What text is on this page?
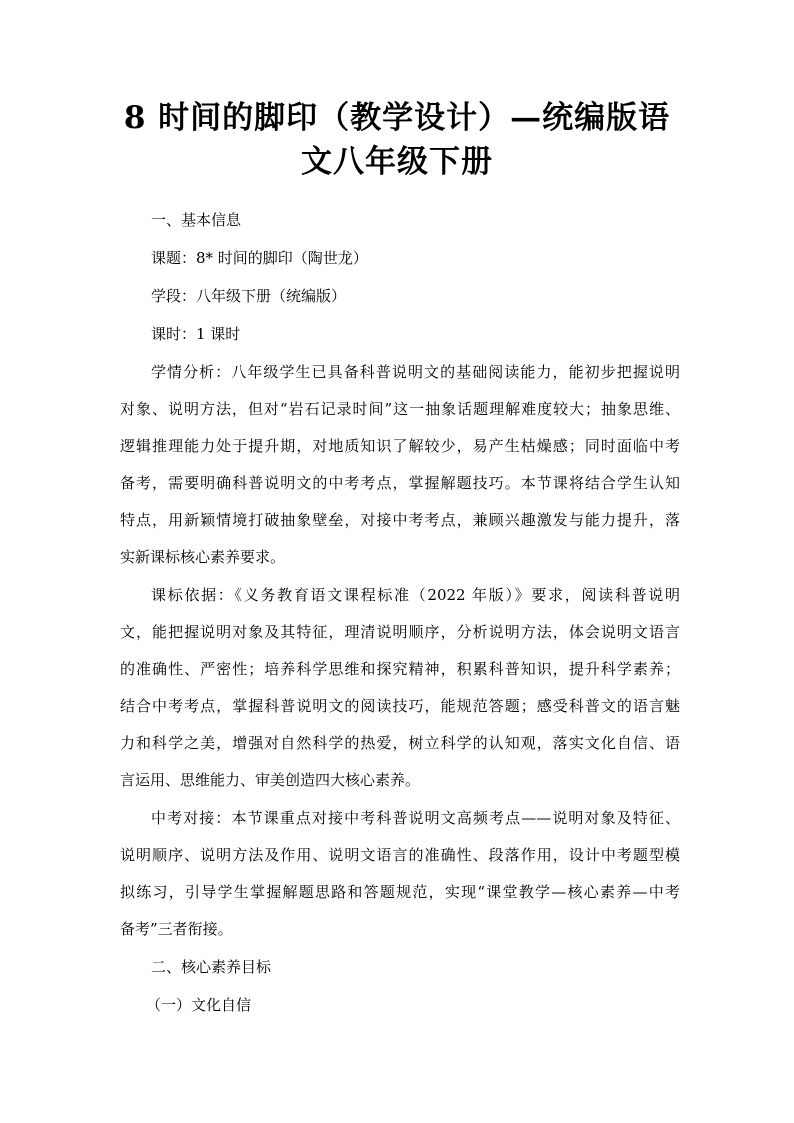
8 时间的脚印（教学设计）—统编版语
文八年级下册

一、基本信息

课题：8* 时间的脚印（陶世龙）

学段：八年级下册（统编版）

课时：1 课时

学情分析：八年级学生已具备科普说明文的基础阅读能力，能初步把握说明

对象、说明方法，但对“岩石记录时间”这一抽象话题理解难度较大；抽象思维、

逻辑推理能力处于提升期，对地质知识了解较少，易产生枯燥感；同时面临中考

备考，需要明确科普说明文的中考考点，掌握解题技巧。本节课将结合学生认知

特点，用新颖情境打破抽象壁垒，对接中考考点，兼顾兴趣激发与能力提升，落

实新课标核心素养要求。

课标依据：《义务教育语文课程标准（2022 年版）》要求，阅读科普说明

文，能把握说明对象及其特征，理清说明顺序，分析说明方法，体会说明文语言

的准确性、严密性；培养科学思维和探究精神，积累科普知识，提升科学素养；

结合中考考点，掌握科普说明文的阅读技巧，能规范答题；感受科普文的语言魅

力和科学之美，增强对自然科学的热爱，树立科学的认知观，落实文化自信、语

言运用、思维能力、审美创造四大核心素养。

中考对接：本节课重点对接中考科普说明文高频考点——说明对象及特征、

说明顺序、说明方法及作用、说明文语言的准确性、段落作用，设计中考题型模

拟练习，引导学生掌握解题思路和答题规范，实现“课堂教学—核心素养—中考

备考”三者衔接。

二、核心素养目标

（一）文化自信
